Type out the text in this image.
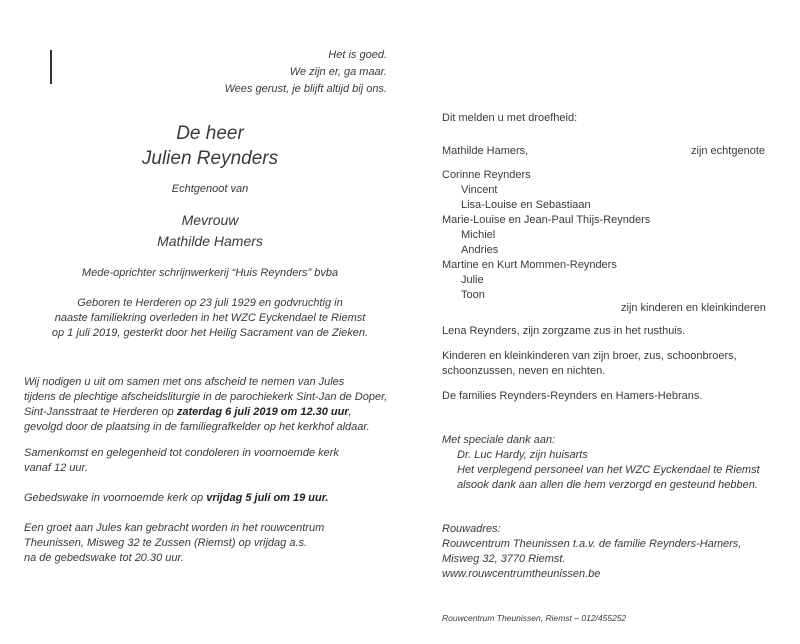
Het is goed.
We zijn er, ga maar.
Wees gerust, je blijft altijd bij ons.
De heer
Julien Reynders
Echtgenoot van
Mevrouw
Mathilde Hamers
Mede-oprichter schrijnwerkerij “Huis Reynders” bvba
Geboren te Herderen op 23 juli 1929 en godvruchtig in
naaste familiekring overleden in het WZC Eyckendael te Riemst
op 1 juli 2019, gesterkt door het Heilig Sacrament van de Zieken.
Wij nodigen u uit om samen met ons afscheid te nemen van Jules
tijdens de plechtige afscheidsliturgie in de parochiekerk Sint-Jan de Doper,
Sint-Jansstraat te Herderen op zaterdag 6 juli 2019 om 12.30 uur,
gevolgd door de plaatsing in de familiegrafkelder op het kerkhof aldaar.
Samenkomst en gelegenheid tot condoleren in voornoemde kerk
vanaf 12 uur.
Gebedswake in voornoemde kerk op vrijdag 5 juli om 19 uur.
Een groet aan Jules kan gebracht worden in het rouwcentrum
Theunissen, Misweg 32 te Zussen (Riemst) op vrijdag a.s.
na de gebedswake tot 20.30 uur.
Dit melden u met droefheid:
Mathilde Hamers,	zijn echtgenote
Corinne Reynders
Vincent
Lisa-Louise en Sebastiaan
Marie-Louise en Jean-Paul Thijs-Reynders
Michiel
Andries
Martine en Kurt Mommen-Reynders
Julie
Toon
zijn kinderen en kleinkinderen
Lena Reynders, zijn zorgzame zus in het rusthuis.
Kinderen en kleinkinderen van zijn broer, zus, schoonbroers,
schoonzussen, neven en nichten.
De families Reynders-Reynders en Hamers-Hebrans.
Met speciale dank aan:
Dr. Luc Hardy, zijn huisarts
Het verplegend personeel van het WZC Eyckendael te Riemst
alsook dank aan allen die hem verzorgd en gesteund hebben.
Rouwadres:
Rouwcentrum Theunissen t.a.v. de familie Reynders-Hamers,
Misweg 32, 3770 Riemst.
www.rouwcentrumtheunissen.be
Rouwcentrum Theunissen, Riemst – 012/455252
